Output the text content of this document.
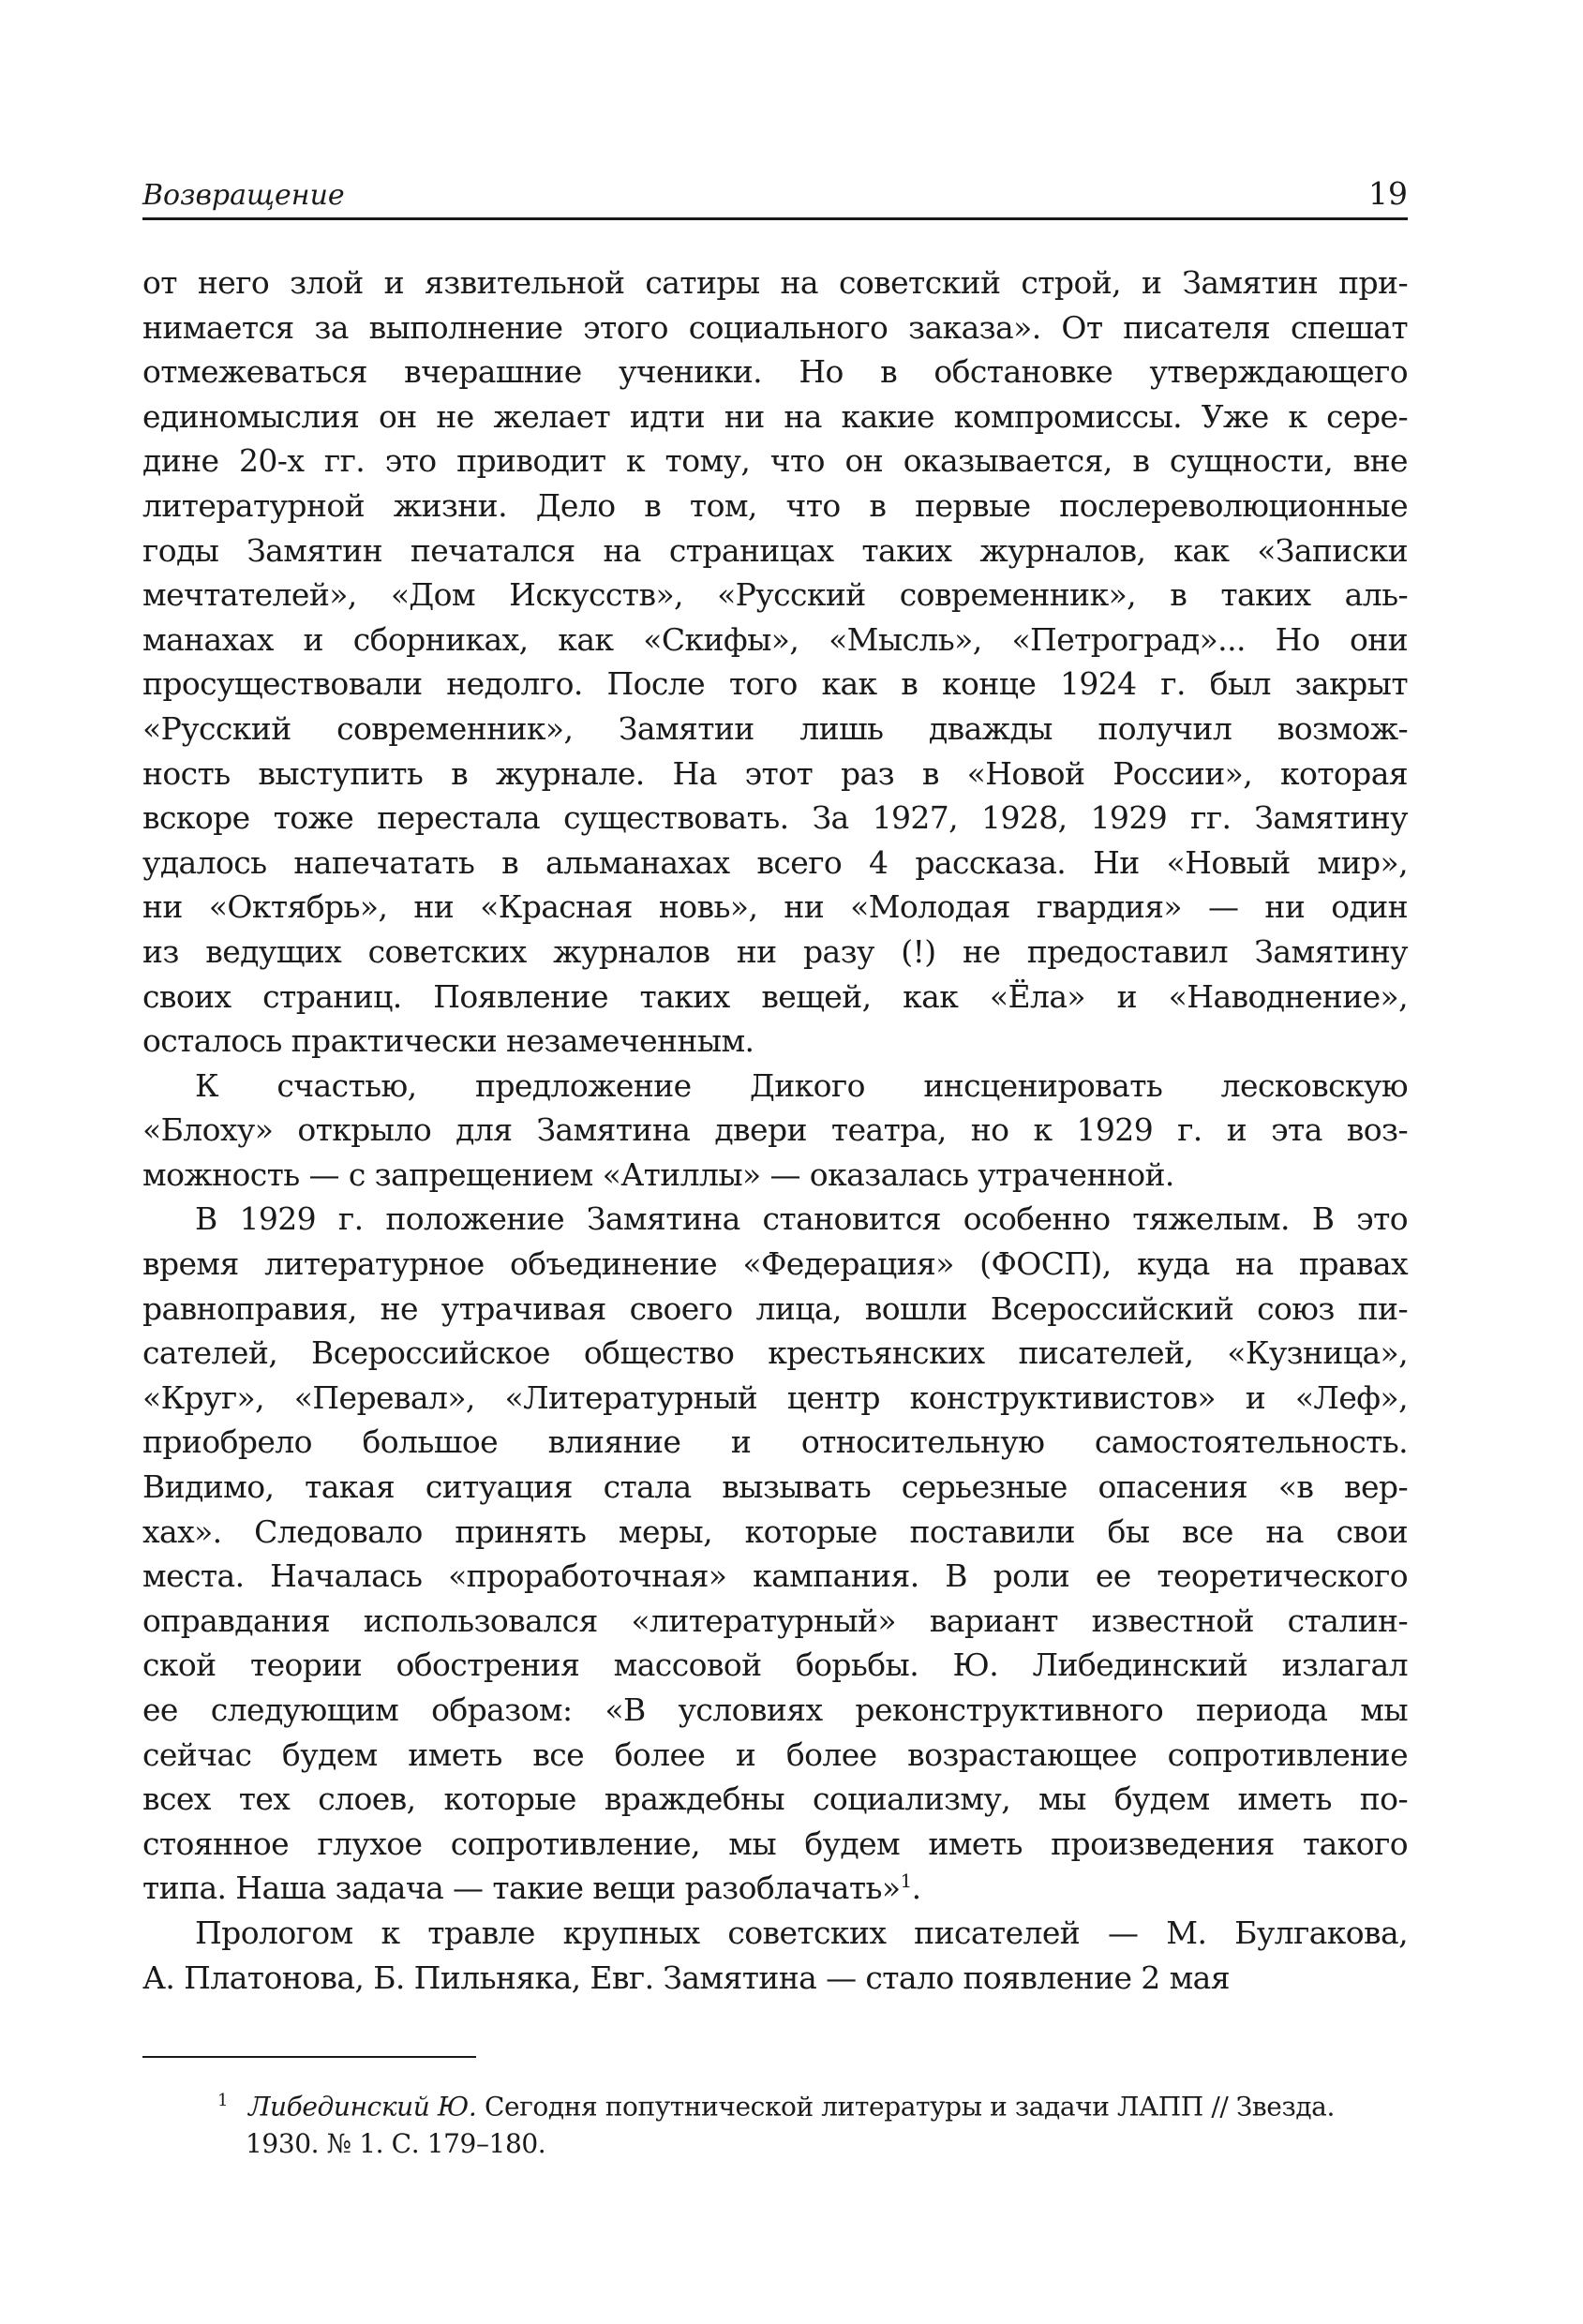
Возвращение	19
от него злой и язвительной сатиры на советский строй, и Замятин при-
нимается за выполнение этого социального заказа». От писателя спешат
отмежеваться вчерашние ученики. Но в обстановке утверждающего
единомыслия он не желает идти ни на какие компромиссы. Уже к сере-
дине 20-х гг. это приводит к тому, что он оказывается, в сущности, вне
литературной жизни. Дело в том, что в первые послереволюционные
годы Замятин печатался на страницах таких журналов, как «Записки
мечтателей», «Дом Искусств», «Русский современник», в таких аль-
манахах и сборниках, как «Скифы», «Мысль», «Петроград»... Но они
просуществовали недолго. После того как в конце 1924 г. был закрыт
«Русский современник», Замятии лишь дважды получил возмож-
ность выступить в журнале. На этот раз в «Новой России», которая
вскоре тоже перестала существовать. За 1927, 1928, 1929 гг. Замятину
удалось напечатать в альманахах всего 4 рассказа. Ни «Новый мир»,
ни «Октябрь», ни «Красная новь», ни «Молодая гвардия» — ни один
из ведущих советских журналов ни разу (!) не предоставил Замятину
своих страниц. Появление таких вещей, как «Ёла» и «Наводнение»,
осталось практически незамеченным.
К счастью, предложение Дикого инсценировать лесковскую
«Блоху» открыло для Замятина двери театра, но к 1929 г. и эта воз-
можность — с запрещением «Атиллы» — оказалась утраченной.
В 1929 г. положение Замятина становится особенно тяжелым. В это
время литературное объединение «Федерация» (ФОСП), куда на правах
равноправия, не утрачивая своего лица, вошли Всероссийский союз пи-
сателей, Всероссийское общество крестьянских писателей, «Кузница»,
«Круг», «Перевал», «Литературный центр конструктивистов» и «Леф»,
приобрело большое влияние и относительную самостоятельность.
Видимо, такая ситуация стала вызывать серьезные опасения «в вер-
хах». Следовало принять меры, которые поставили бы все на свои
места. Началась «проработочная» кампания. В роли ее теоретического
оправдания использовался «литературный» вариант известной сталин-
ской теории обострения массовой борьбы. Ю. Либединский излагал
ее следующим образом: «В условиях реконструктивного периода мы
сейчас будем иметь все более и более возрастающее сопротивление
всех тех слоев, которые враждебны социализму, мы будем иметь по-
стоянное глухое сопротивление, мы будем иметь произведения такого
типа. Наша задача — такие вещи разоблачать»$^1$.
Прологом к травле крупных советских писателей — М. Булгакова,
А. Платонова, Б. Пильняка, Евг. Замятина — стало появление 2 мая
$^1$ Либединский Ю. Сегодня попутнической литературы и задачи ЛАПП // Звезда.
1930. № 1. С. 179–180.
